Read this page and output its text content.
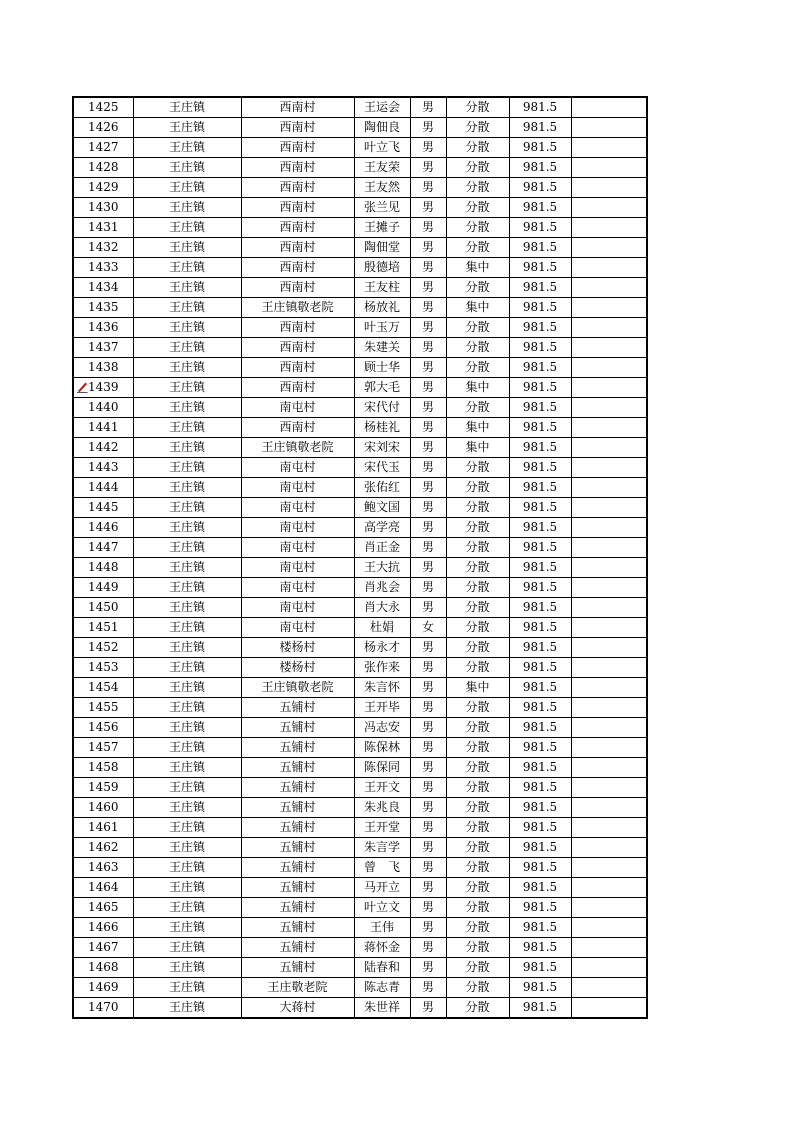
1425	王庄镇	西南村	王运会	男	分散	981.5	
1426	王庄镇	西南村	陶佃良	男	分散	981.5	
1427	王庄镇	西南村	叶立飞	男	分散	981.5	
1428	王庄镇	西南村	王友荣	男	分散	981.5	
1429	王庄镇	西南村	王友然	男	分散	981.5	
1430	王庄镇	西南村	张兰见	男	分散	981.5	
1431	王庄镇	西南村	王摊子	男	分散	981.5	
1432	王庄镇	西南村	陶佃堂	男	分散	981.5	
1433	王庄镇	西南村	殷德培	男	集中	981.5	
1434	王庄镇	西南村	王友柱	男	分散	981.5	
1435	王庄镇	王庄镇敬老院	杨放礼	男	集中	981.5	
1436	王庄镇	西南村	叶玉万	男	分散	981.5	
1437	王庄镇	西南村	朱建关	男	分散	981.5	
1438	王庄镇	西南村	顾士华	男	分散	981.5	
1439	王庄镇	西南村	郭大毛	男	集中	981.5	
1440	王庄镇	南屯村	宋代付	男	分散	981.5	
1441	王庄镇	西南村	杨桂礼	男	集中	981.5	
1442	王庄镇	王庄镇敬老院	宋刘宋	男	集中	981.5	
1443	王庄镇	南屯村	宋代玉	男	分散	981.5	
1444	王庄镇	南屯村	张佑红	男	分散	981.5	
1445	王庄镇	南屯村	鲍文国	男	分散	981.5	
1446	王庄镇	南屯村	高学亮	男	分散	981.5	
1447	王庄镇	南屯村	肖正金	男	分散	981.5	
1448	王庄镇	南屯村	王大抗	男	分散	981.5	
1449	王庄镇	南屯村	肖兆会	男	分散	981.5	
1450	王庄镇	南屯村	肖大永	男	分散	981.5	
1451	王庄镇	南屯村	杜娟	女	分散	981.5	
1452	王庄镇	楼杨村	杨永才	男	分散	981.5	
1453	王庄镇	楼杨村	张作来	男	分散	981.5	
1454	王庄镇	王庄镇敬老院	朱言怀	男	集中	981.5	
1455	王庄镇	五铺村	王开毕	男	分散	981.5	
1456	王庄镇	五铺村	冯志安	男	分散	981.5	
1457	王庄镇	五铺村	陈保林	男	分散	981.5	
1458	王庄镇	五铺村	陈保同	男	分散	981.5	
1459	王庄镇	五铺村	王开文	男	分散	981.5	
1460	王庄镇	五铺村	朱兆良	男	分散	981.5	
1461	王庄镇	五铺村	王开堂	男	分散	981.5	
1462	王庄镇	五铺村	朱言学	男	分散	981.5	
1463	王庄镇	五铺村	曾　飞	男	分散	981.5	
1464	王庄镇	五铺村	马开立	男	分散	981.5	
1465	王庄镇	五铺村	叶立文	男	分散	981.5	
1466	王庄镇	五铺村	王伟	男	分散	981.5	
1467	王庄镇	五铺村	蒋怀金	男	分散	981.5	
1468	王庄镇	五铺村	陆春和	男	分散	981.5	
1469	王庄镇	王庄敬老院	陈志青	男	分散	981.5	
1470	王庄镇	大蒋村	朱世祥	男	分散	981.5	
